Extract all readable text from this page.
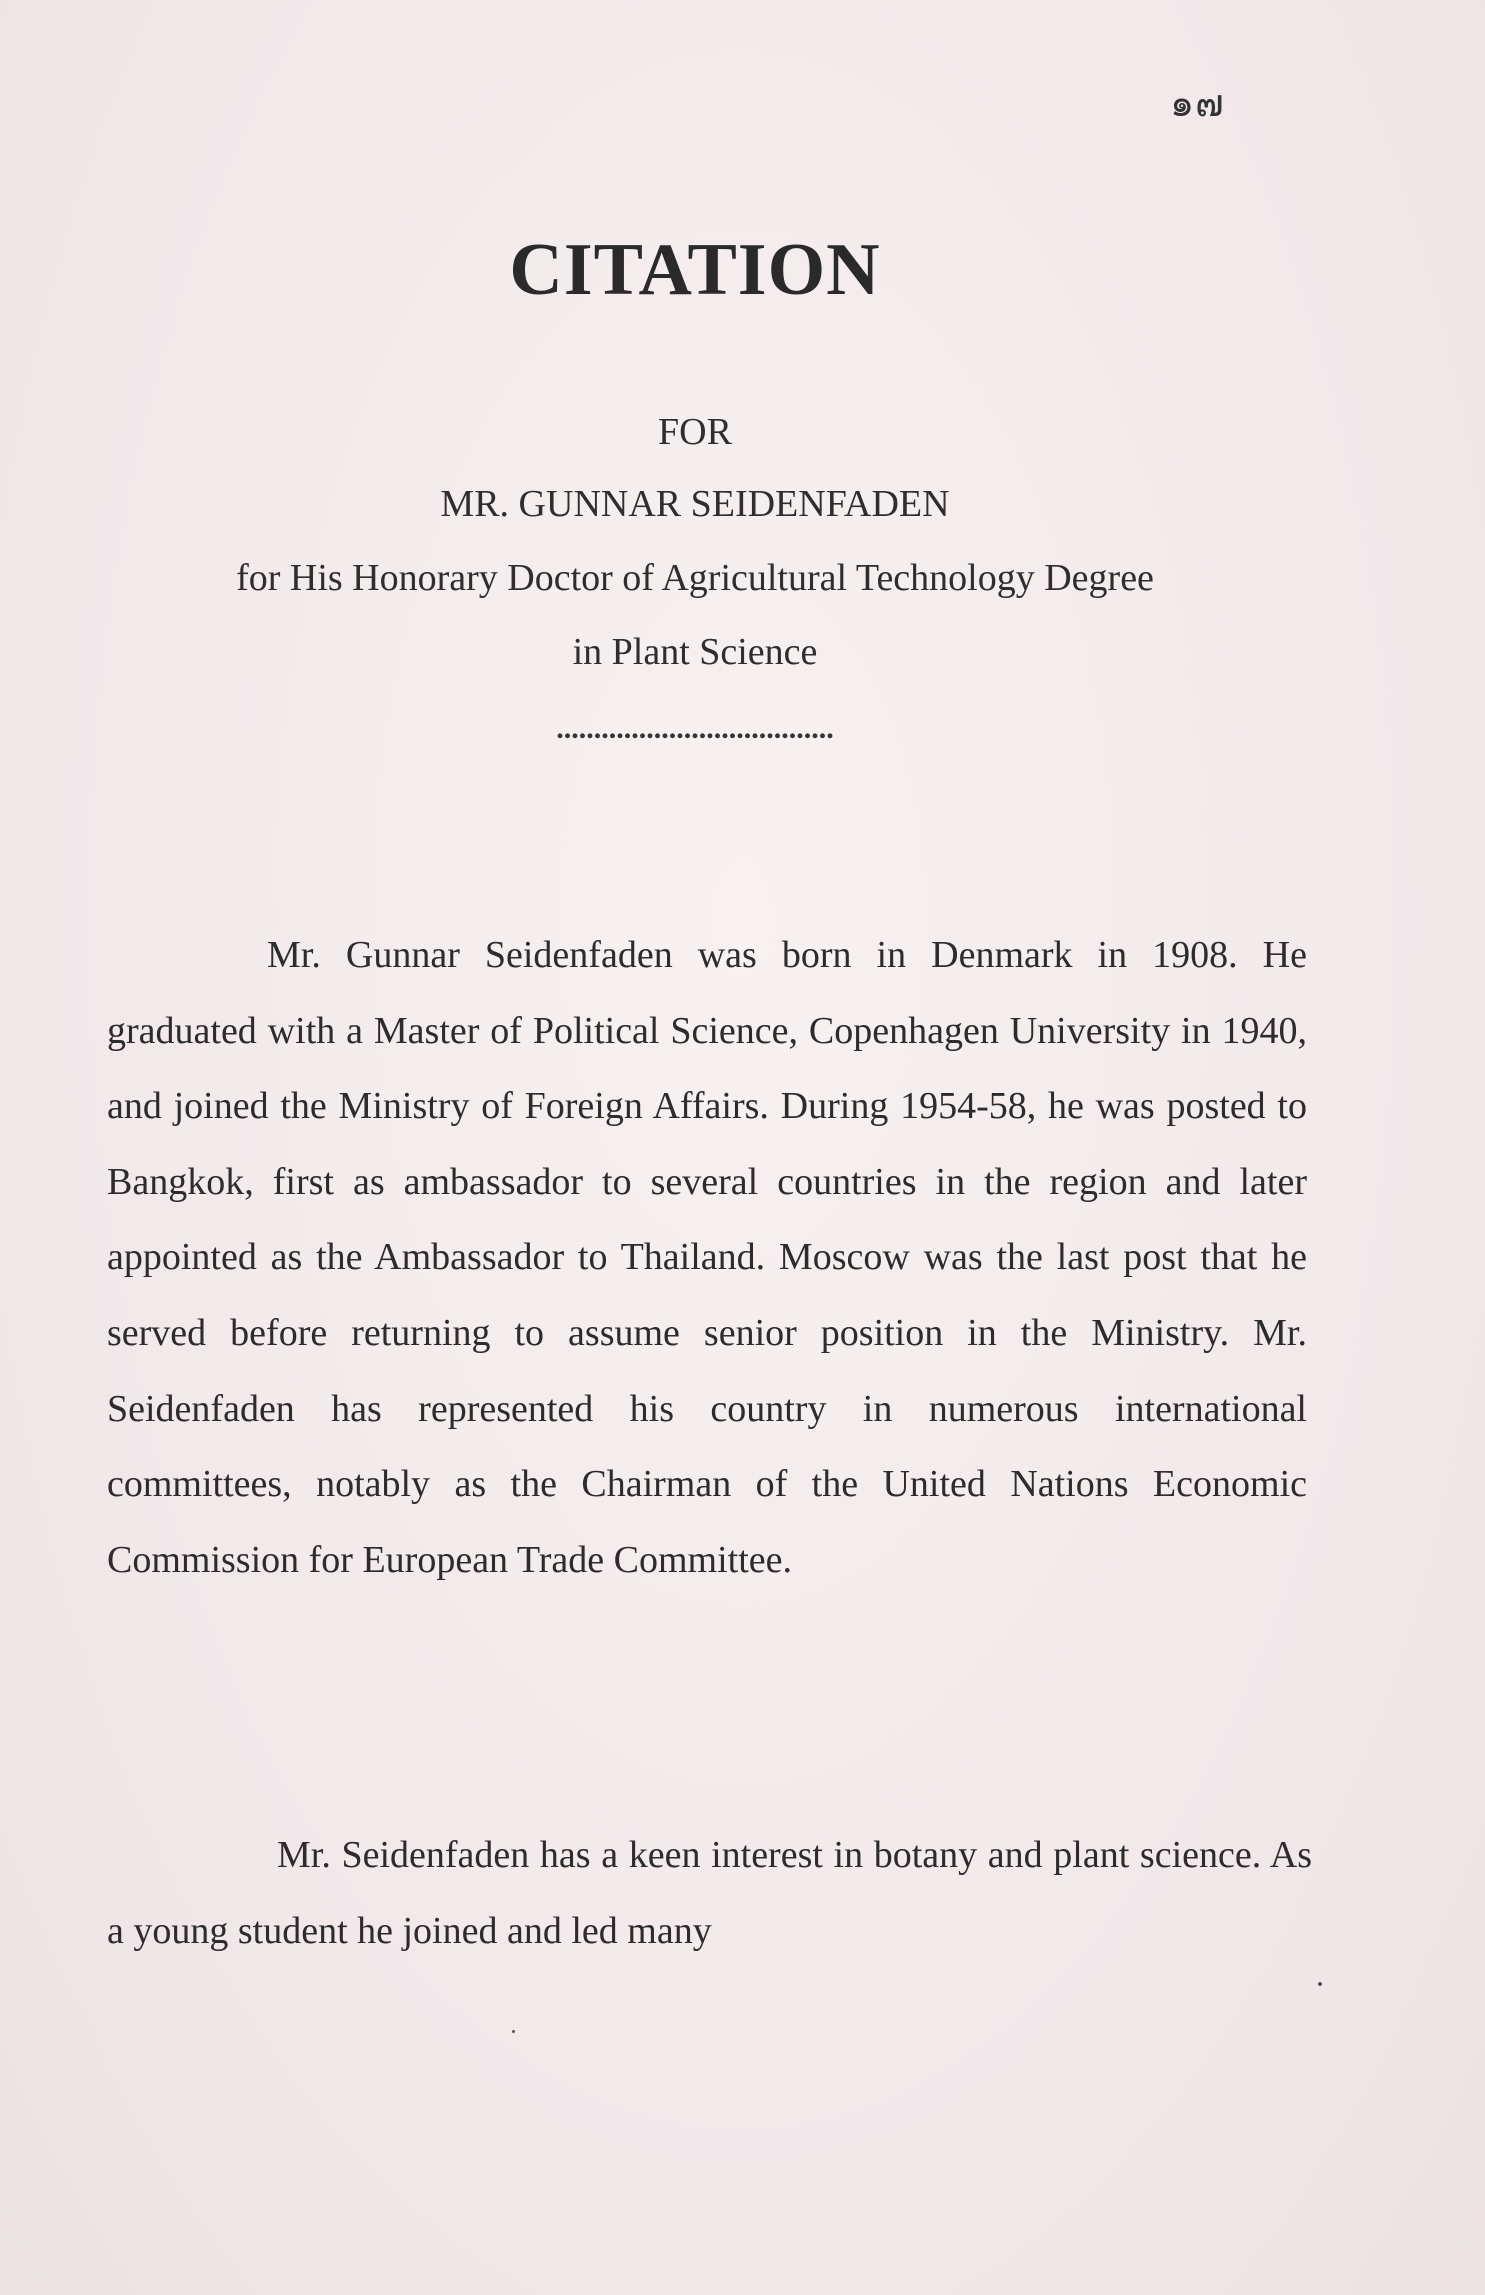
๑๗
CITATION
FOR
MR. GUNNAR SEIDENFADEN
for His Honorary Doctor of Agricultural Technology Degree
in Plant Science
.....................................
Mr. Gunnar Seidenfaden was born in Denmark in 1908. He graduated with a Master of Political Science, Copenhagen University in 1940, and joined the Ministry of Foreign Affairs. During 1954-58, he was posted to Bangkok, first as ambassador to several countries in the region and later appointed as the Ambassador to Thailand. Moscow was the last post that he served before returning to assume senior position in the Ministry. Mr. Seidenfaden has represented his country in numerous international committees, notably as the Chairman of the United Nations Economic Commission for European Trade Committee.
Mr. Seidenfaden has a keen interest in botany and plant science. As a young student he joined and led many
